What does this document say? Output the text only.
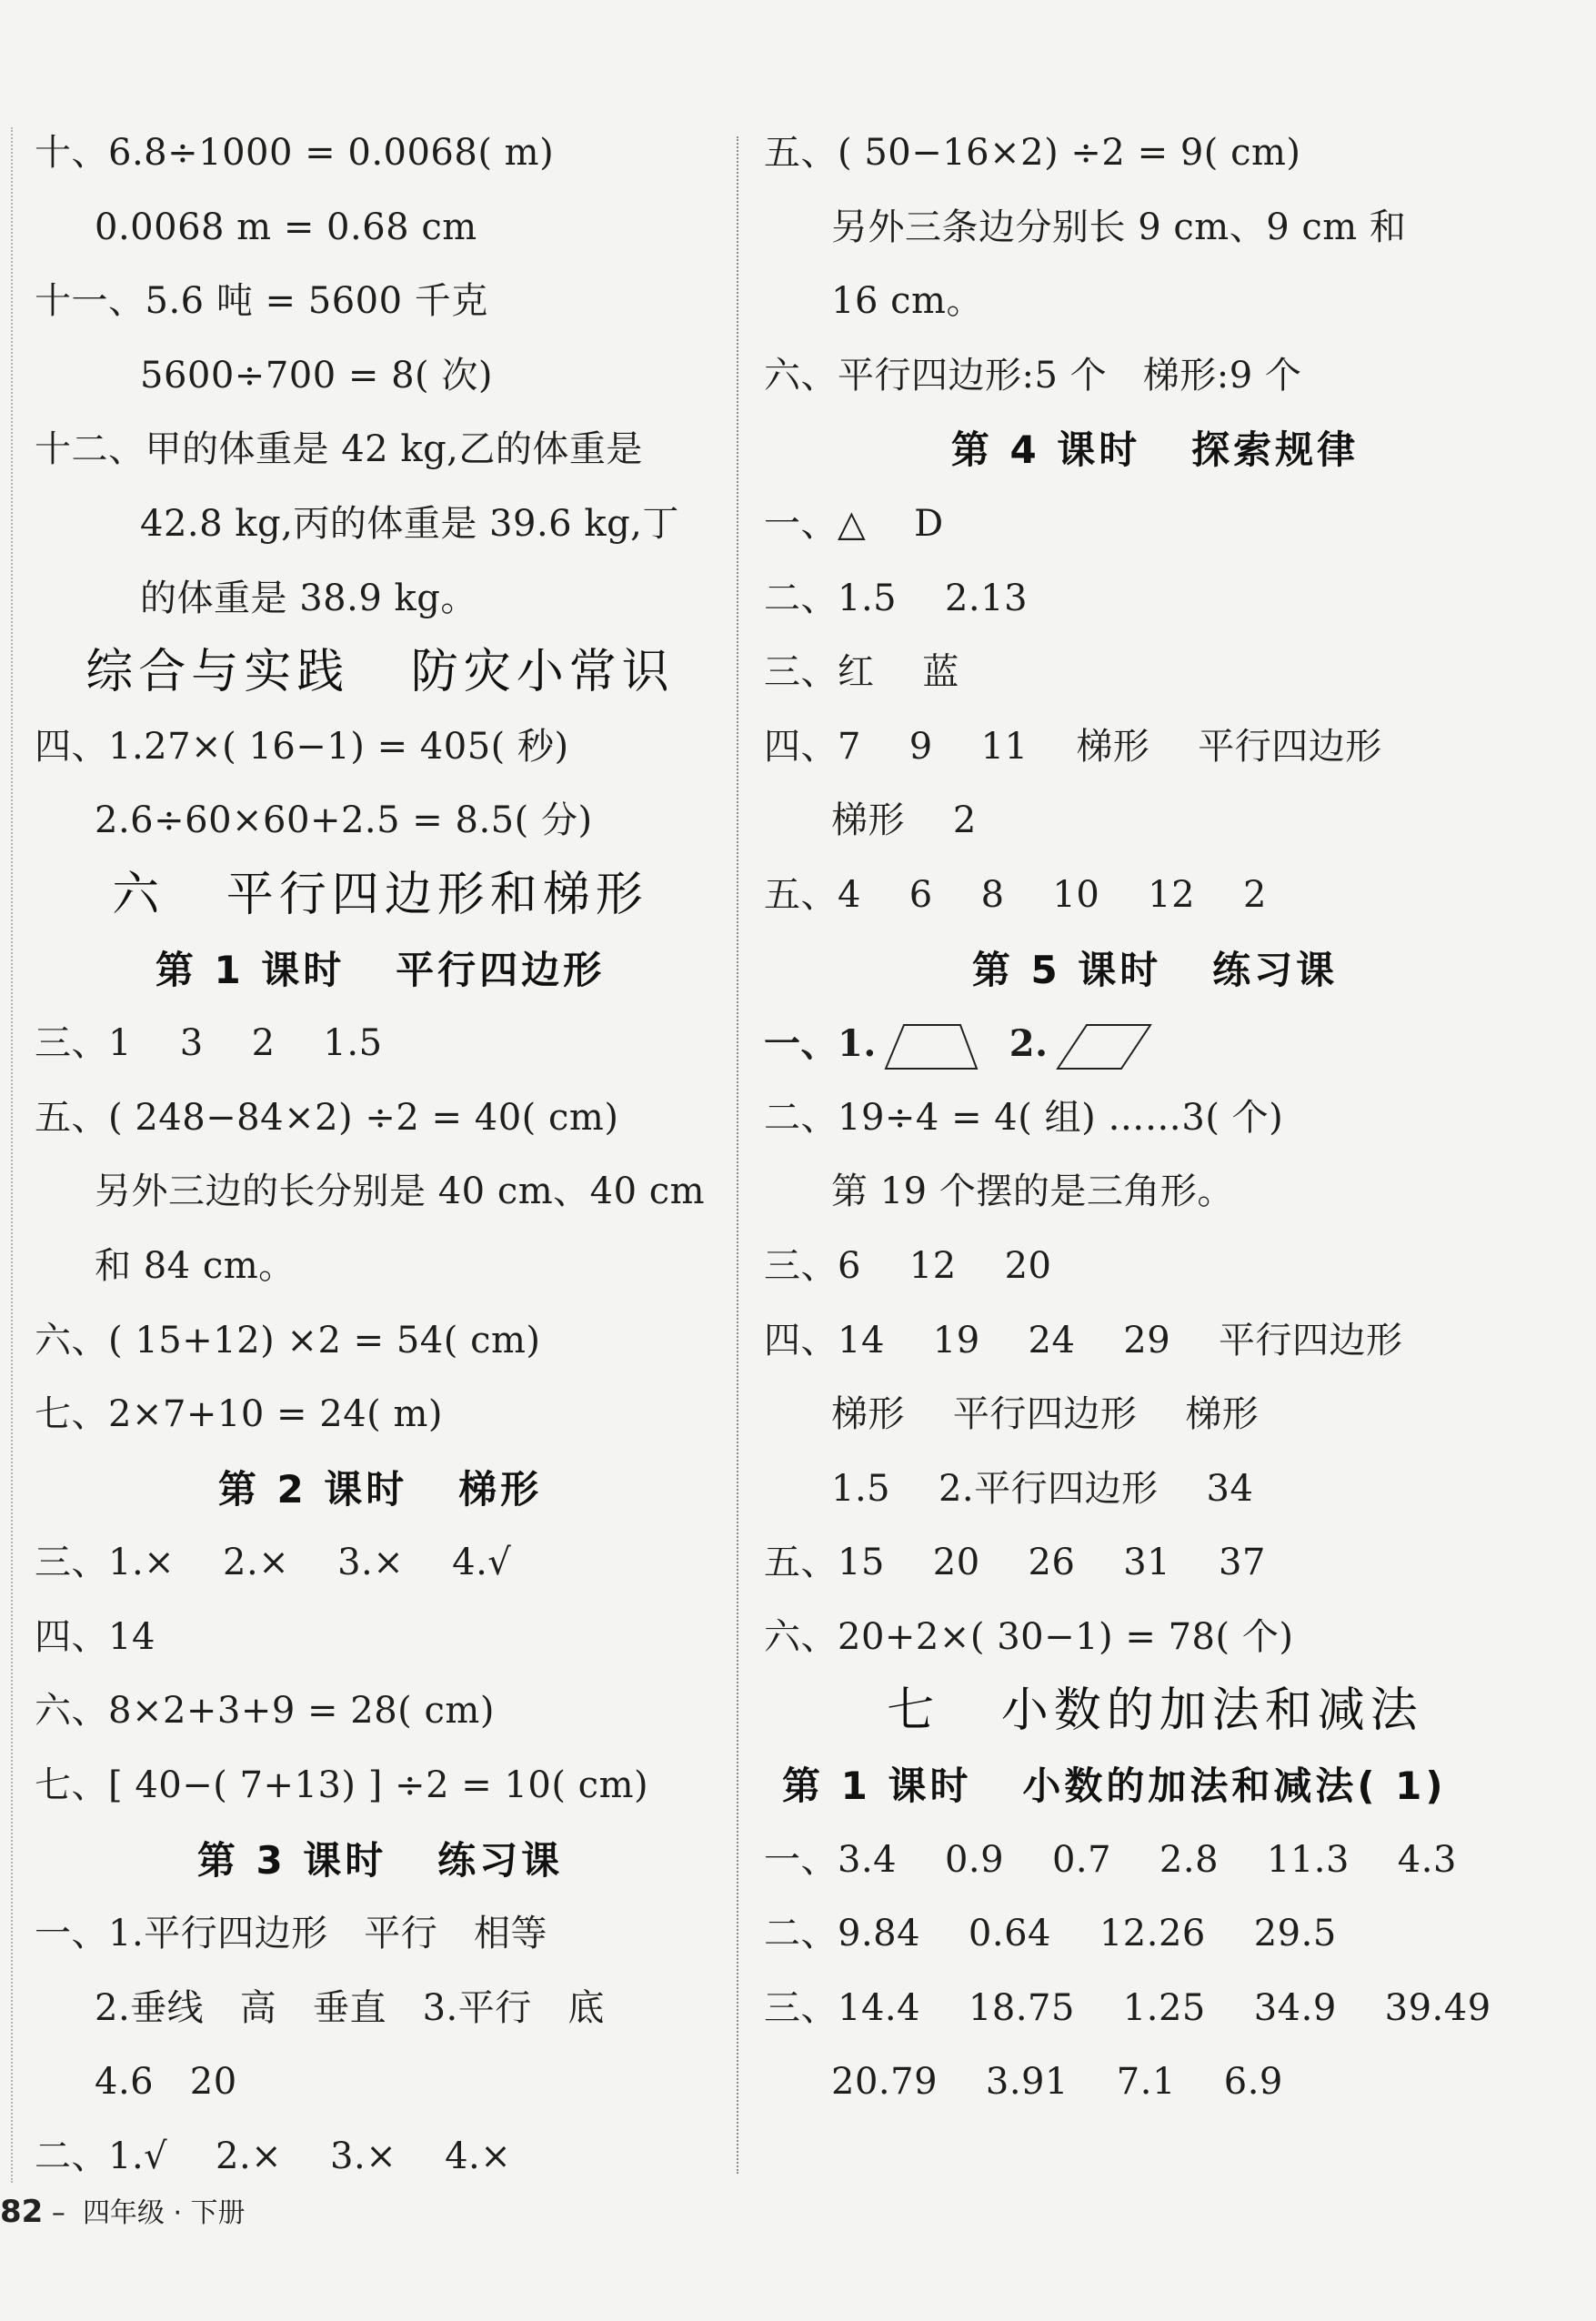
十、6.8÷1000 = 0.0068( m)
0.0068 m = 0.68 cm
十一、5.6 吨 = 5600 千克
5600÷700 = 8( 次)
十二、甲的体重是 42 kg,乙的体重是
42.8 kg,丙的体重是 39.6 kg,丁
的体重是 38.9 kg。
综合与实践   防灾小常识
四、1.27×( 16−1) = 405( 秒)
2.6÷60×60+2.5 = 8.5( 分)
六   平行四边形和梯形
第 1 课时   平行四边形
三、1    3    2    1.5
五、( 248−84×2) ÷2 = 40( cm)
另外三边的长分别是 40 cm、40 cm
和 84 cm。
六、( 15+12) ×2 = 54( cm)
七、2×7+10 = 24( m)
第 2 课时   梯形
三、1.×    2.×    3.×    4.√
四、14
六、8×2+3+9 = 28( cm)
七、[ 40−( 7+13) ] ÷2 = 10( cm)
第 3 课时   练习课
一、1.平行四边形   平行   相等
2.垂线   高   垂直   3.平行   底
4.6   20
二、1.√    2.×    3.×    4.×
五、( 50−16×2) ÷2 = 9( cm)
另外三条边分别长 9 cm、9 cm 和
16 cm。
六、平行四边形:5 个   梯形:9 个
第 4 课时   探索规律
一、△    D
二、1.5    2.13
三、红    蓝
四、7    9    11    梯形    平行四边形
梯形    2
五、4    6    8    10    12    2
第 5 课时   练习课
一、1.	2.
二、19÷4 = 4( 组) ……3( 个)
第 19 个摆的是三角形。
三、6    12    20
四、14    19    24    29    平行四边形
梯形    平行四边形    梯形
1.5    2.平行四边形    34
五、15    20    26    31    37
六、20+2×( 30−1) = 78( 个)
七   小数的加法和减法
第 1 课时   小数的加法和减法( 1)
一、3.4    0.9    0.7    2.8    11.3    4.3
二、9.84    0.64    12.26    29.5
三、14.4    18.75    1.25    34.9    39.49
20.79    3.91    7.1    6.9
82 –  四年级 · 下册
